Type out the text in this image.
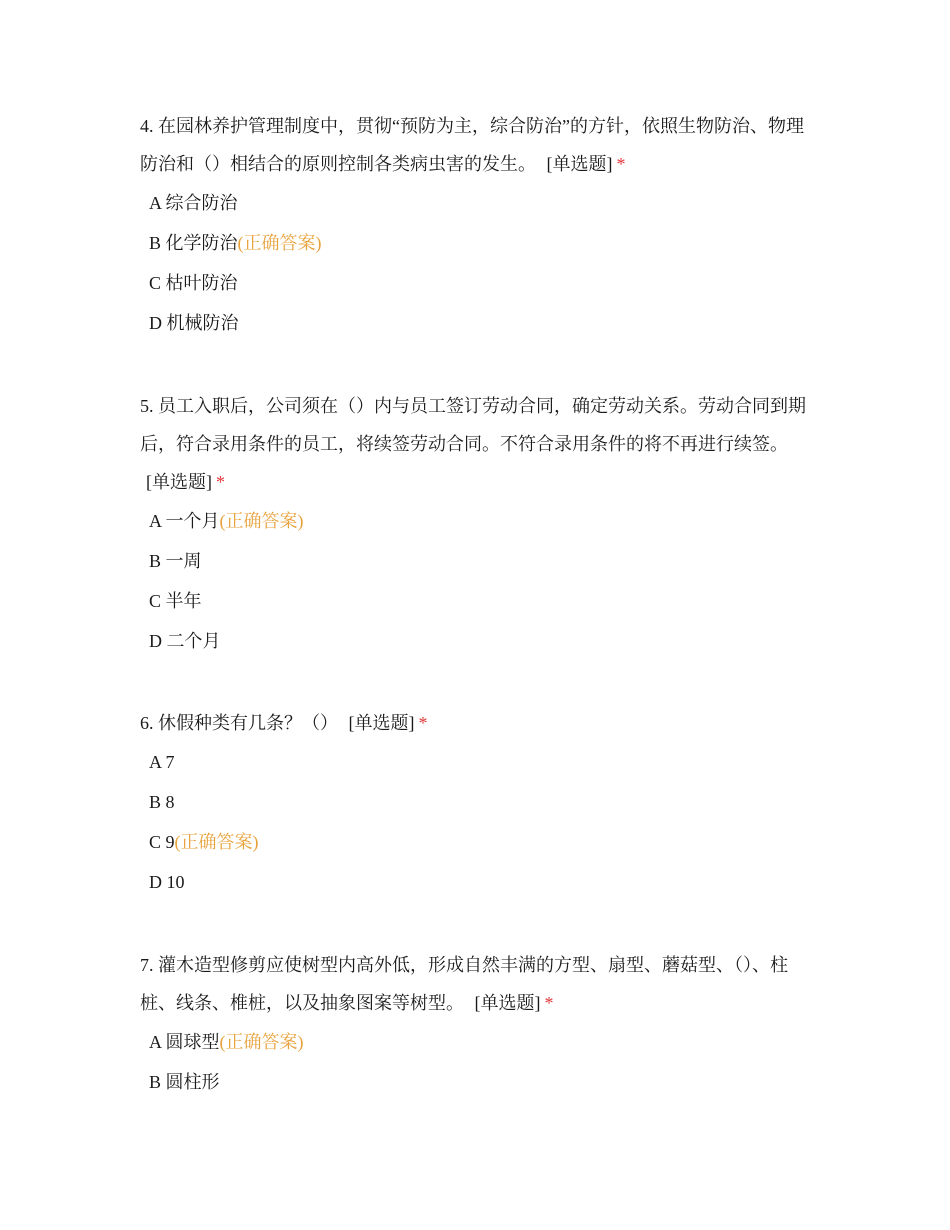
4. 在园林养护管理制度中，贯彻“预防为主，综合防治”的方针，依照生物防治、物理防治和（）相结合的原则控制各类病虫害的发生。 [单选题] *

A 综合防治
B 化学防治(正确答案)
C 枯叶防治
D 机械防治

5. 员工入职后，公司须在（）内与员工签订劳动合同，确定劳动关系。劳动合同到期后，符合录用条件的员工，将续签劳动合同。不符合录用条件的将不再进行续签。 [单选题] *

A 一个月(正确答案)
B 一周
C 半年
D 二个月

6. 休假种类有几条？（） [单选题] *

A 7
B 8
C 9(正确答案)
D 10

7. 灌木造型修剪应使树型内高外低，形成自然丰满的方型、扇型、蘑菇型、（）、柱桩、线条、椎桩，以及抽象图案等树型。 [单选题] *

A 圆球型(正确答案)
B 圆柱形
